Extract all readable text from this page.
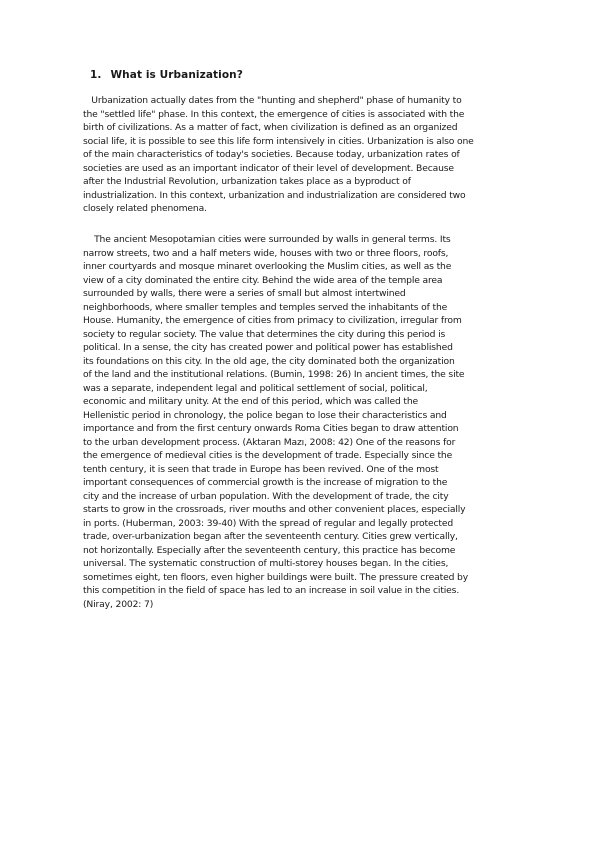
1. What is Urbanization?
Urbanization actually dates from the "hunting and shepherd" phase of humanity to
the "settled life" phase. In this context, the emergence of cities is associated with the
birth of civilizations. As a matter of fact, when civilization is defined as an organized
social life, it is possible to see this life form intensively in cities. Urbanization is also one
of the main characteristics of today's societies. Because today, urbanization rates of
societies are used as an important indicator of their level of development. Because
after the Industrial Revolution, urbanization takes place as a byproduct of
industrialization. In this context, urbanization and industrialization are considered two
closely related phenomena.
The ancient Mesopotamian cities were surrounded by walls in general terms. Its
narrow streets, two and a half meters wide, houses with two or three floors, roofs,
inner courtyards and mosque minaret overlooking the Muslim cities, as well as the
view of a city dominated the entire city. Behind the wide area of the temple area
surrounded by walls, there were a series of small but almost intertwined
neighborhoods, where smaller temples and temples served the inhabitants of the
House. Humanity, the emergence of cities from primacy to civilization, irregular from
society to regular society. The value that determines the city during this period is
political. In a sense, the city has created power and political power has established
its foundations on this city. In the old age, the city dominated both the organization
of the land and the institutional relations. (Bumin, 1998: 26) In ancient times, the site
was a separate, independent legal and political settlement of social, political,
economic and military unity. At the end of this period, which was called the
Hellenistic period in chronology, the police began to lose their characteristics and
importance and from the first century onwards Roma Cities began to draw attention
to the urban development process. (Aktaran Mazı, 2008: 42) One of the reasons for
the emergence of medieval cities is the development of trade. Especially since the
tenth century, it is seen that trade in Europe has been revived. One of the most
important consequences of commercial growth is the increase of migration to the
city and the increase of urban population. With the development of trade, the city
starts to grow in the crossroads, river mouths and other convenient places, especially
in ports. (Huberman, 2003: 39-40) With the spread of regular and legally protected
trade, over-urbanization began after the seventeenth century. Cities grew vertically,
not horizontally. Especially after the seventeenth century, this practice has become
universal. The systematic construction of multi-storey houses began. In the cities,
sometimes eight, ten floors, even higher buildings were built. The pressure created by
this competition in the field of space has led to an increase in soil value in the cities.
(Niray, 2002: 7)
